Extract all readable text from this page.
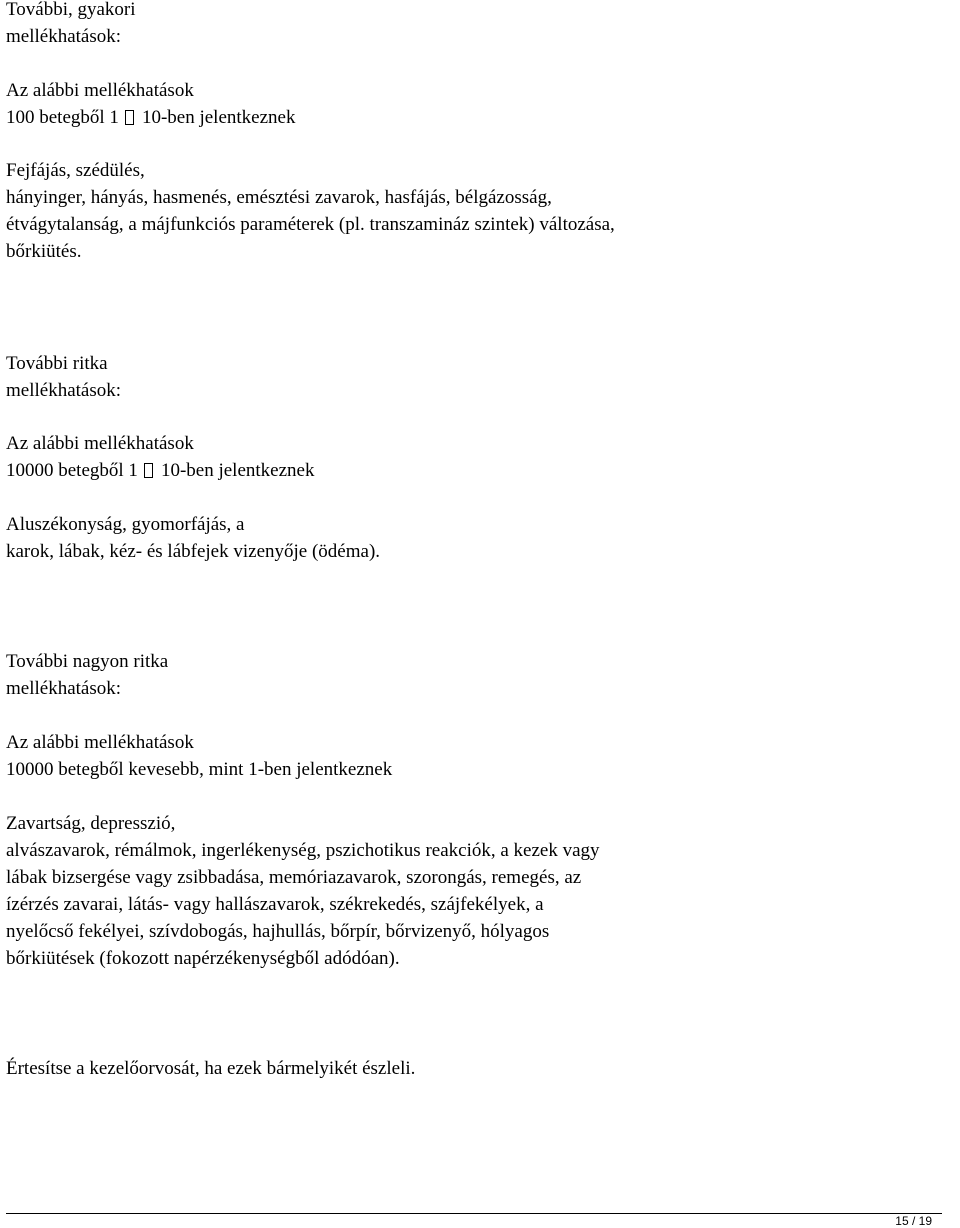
További, gyakori
mellékhatások:
Az alábbi mellékhatások
100 betegből 1 10-ben jelentkeznek
Fejfájás, szédülés,
hányinger, hányás, hasmenés, emésztési zavarok, hasfájás, bélgázosság,
étvágytalanság, a májfunkciós paraméterek (pl. transzamináz szintek) változása,
bőrkiütés.
További ritka
mellékhatások:
Az alábbi mellékhatások
10000 betegből 1 10-ben jelentkeznek
Aluszékonyság, gyomorfájás, a
karok, lábak, kéz- és lábfejek vizenyője (ödéma).
További nagyon ritka
mellékhatások:
Az alábbi mellékhatások
10000 betegből kevesebb, mint 1-ben jelentkeznek
Zavartság, depresszió,
alvászavarok, rémálmok, ingerlékenység, pszichotikus reakciók, a kezek vagy
lábak bizsergése vagy zsibbadása, memóriazavarok, szorongás, remegés, az
ízérzés zavarai, látás- vagy hallászavarok, székrekedés, szájfekélyek, a
nyelőcső fekélyei, szívdobogás, hajhullás, bőrpír, bőrvizenyő, hólyagos
bőrkiütések (fokozott napérzékenységből adódóan).
Értesítse a kezelőorvosát, ha ezek bármelyikét észleli.
15 / 19
